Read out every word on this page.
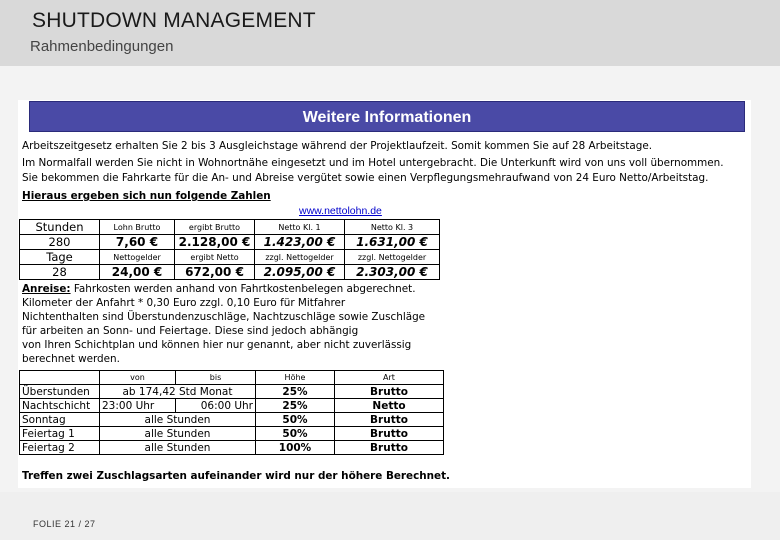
SHUTDOWN MANAGEMENT
Rahmenbedingungen
FOLIE 21 / 27
Weitere Informationen
Arbeitszeitgesetz erhalten Sie 2 bis 3 Ausgleichstage während der Projektlaufzeit. Somit kommen Sie auf 28 Arbeitstage.
Im Normalfall werden Sie nicht in Wohnortnähe eingesetzt und im Hotel untergebracht. Die Unterkunft wird von uns voll übernommen.
Sie bekommen die Fahrkarte für die An- und Abreise vergütet sowie einen Verpflegungsmehraufwand von 24 Euro Netto/Arbeitstag.
Hieraus ergeben sich nun folgende Zahlen
www.nettolohn.de
Stunden	Lohn Brutto	ergibt Brutto	Netto Kl. 1	Netto Kl. 3
280	7,60 €	2.128,00 €	1.423,00 €	1.631,00 €
Tage	Nettogelder	ergibt Netto	zzgl. Nettogelder	zzgl. Nettogelder
28	24,00 €	672,00 €	2.095,00 €	2.303,00 €
Anreise: Fahrkosten werden anhand von Fahrtkostenbelegen abgerechnet.
Kilometer der Anfahrt * 0,30 Euro zzgl. 0,10 Euro für Mitfahrer
Nichtenthalten sind Überstundenzuschläge, Nachtzuschläge sowie Zuschläge
für arbeiten an Sonn- und Feiertage. Diese sind jedoch abhängig
von Ihren Schichtplan und können hier nur genannt, aber nicht zuverlässig
berechnet werden.
	von	bis	Höhe	Art
Überstunden	ab 174,42 Std Monat		25%	Brutto
Nachtschicht	23:00 Uhr	06:00 Uhr	25%	Netto
Sonntag	alle Stunden		50%	Brutto
Feiertag 1	alle Stunden		50%	Brutto
Feiertag 2	alle Stunden		100%	Brutto
Treffen zwei Zuschlagsarten aufeinander wird nur der höhere Berechnet.
